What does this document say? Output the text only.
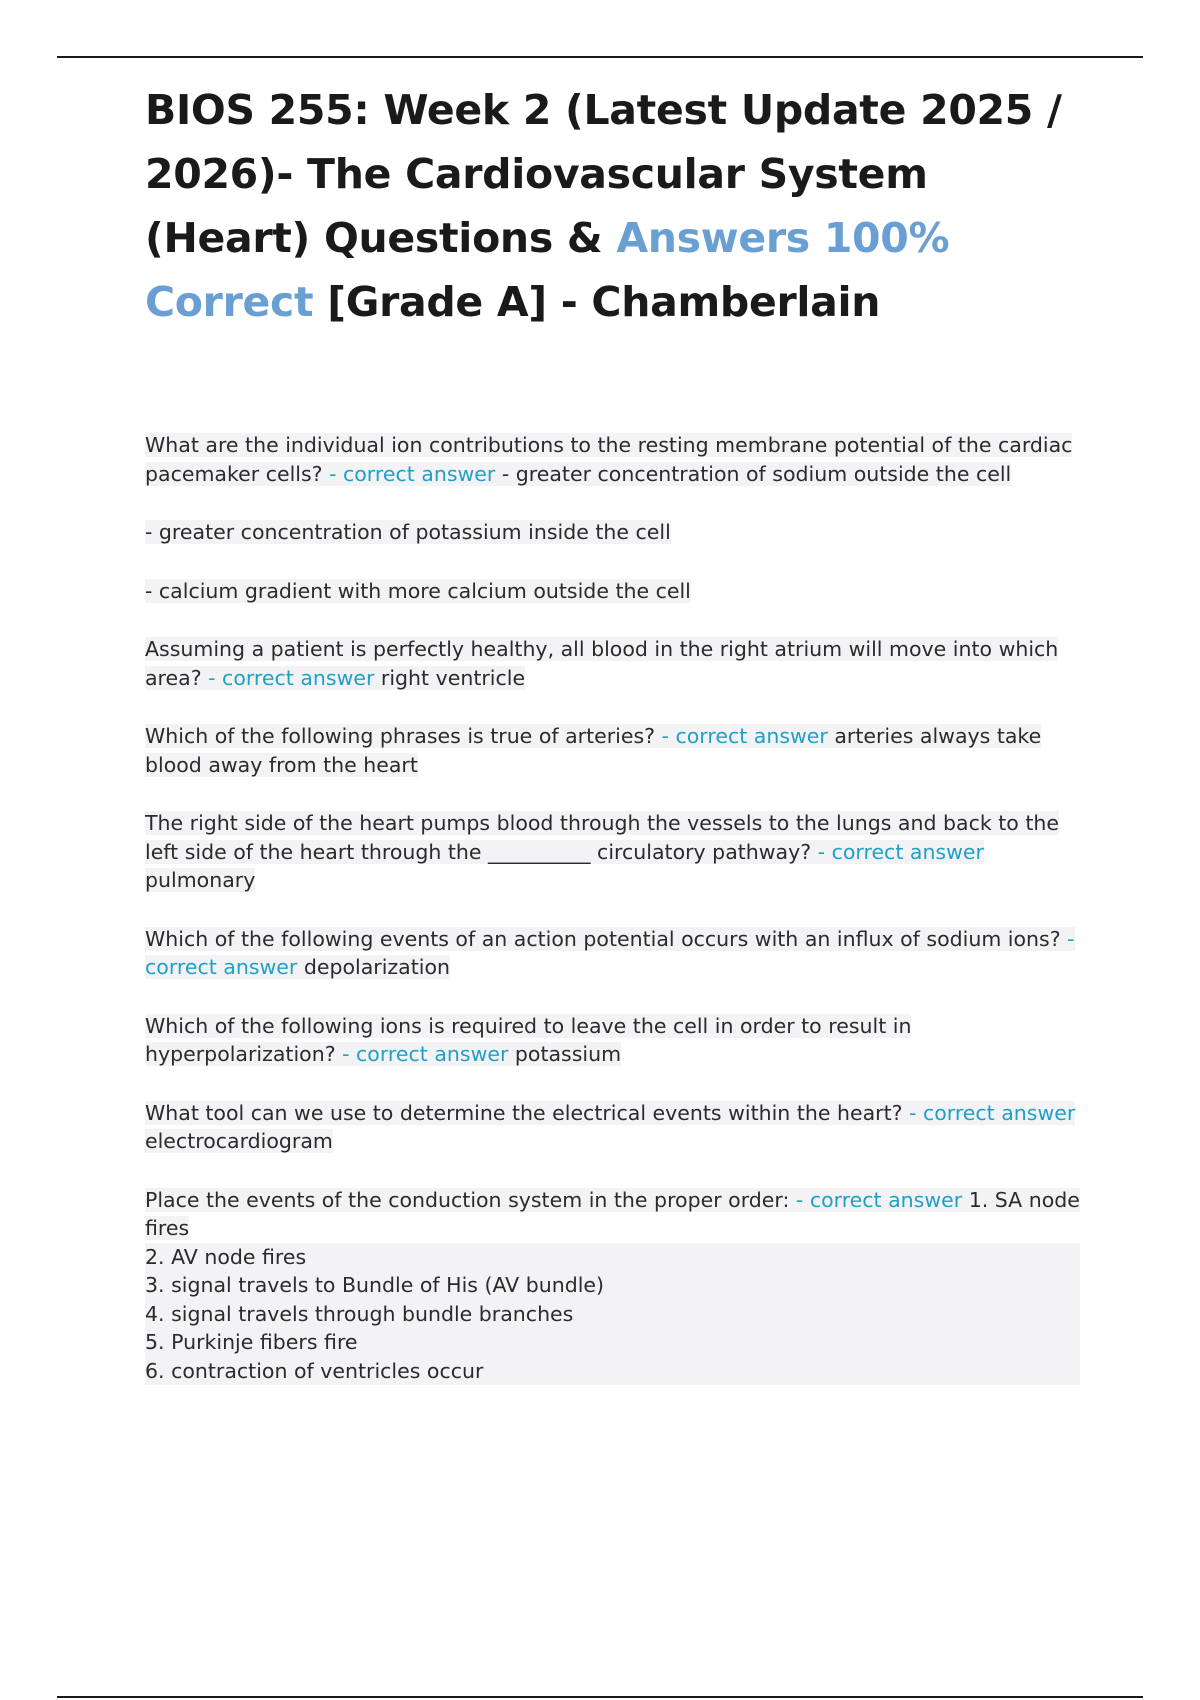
BIOS 255: Week 2 (Latest Update 2025 / 2026)- The Cardiovascular System (Heart) Questions & Answers 100% Correct [Grade A] - Chamberlain

What are the individual ion contributions to the resting membrane potential of the cardiac pacemaker cells? - correct answer - greater concentration of sodium outside the cell

- greater concentration of potassium inside the cell

- calcium gradient with more calcium outside the cell

Assuming a patient is perfectly healthy, all blood in the right atrium will move into which area? - correct answer right ventricle

Which of the following phrases is true of arteries? - correct answer arteries always take blood away from the heart

The right side of the heart pumps blood through the vessels to the lungs and back to the left side of the heart through the __________ circulatory pathway? - correct answer pulmonary

Which of the following events of an action potential occurs with an influx of sodium ions? - correct answer depolarization

Which of the following ions is required to leave the cell in order to result in hyperpolarization? - correct answer potassium

What tool can we use to determine the electrical events within the heart? - correct answer electrocardiogram

Place the events of the conduction system in the proper order: - correct answer 1. SA node fires
2. AV node fires
3. signal travels to Bundle of His (AV bundle)
4. signal travels through bundle branches
5. Purkinje fibers fire
6. contraction of ventricles occur
